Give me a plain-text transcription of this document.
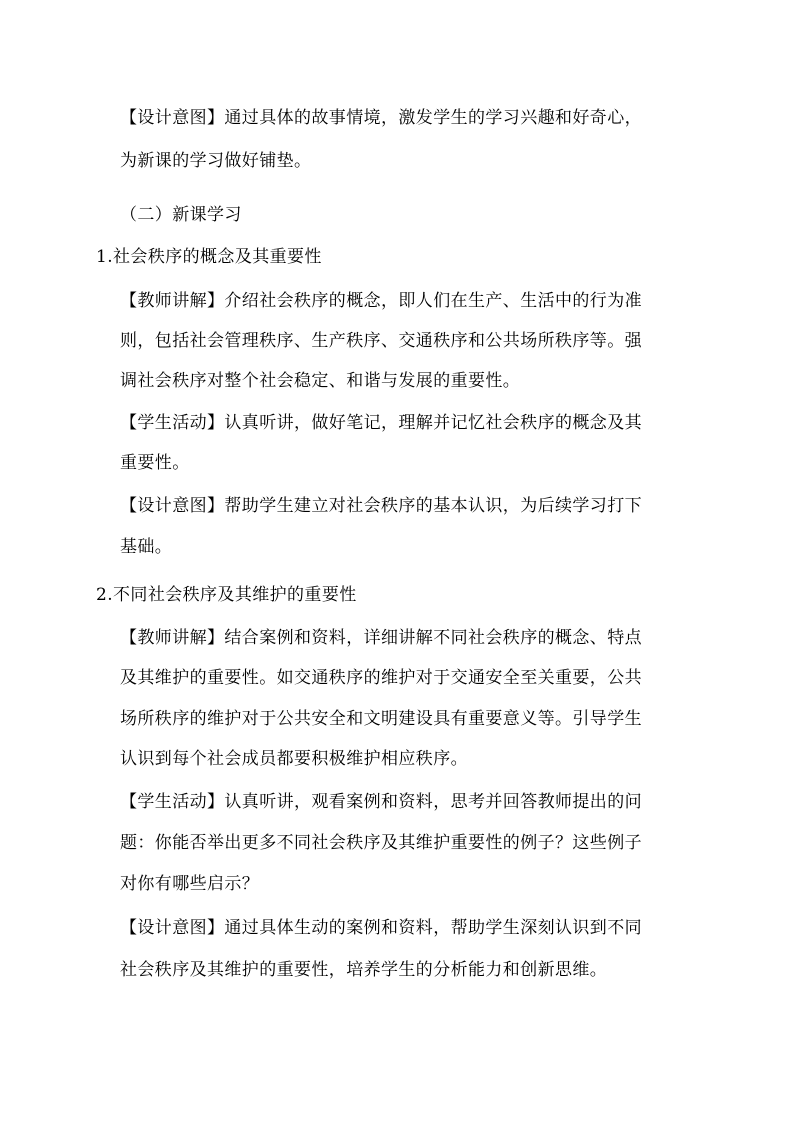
【设计意图】通过具体的故事情境，激发学生的学习兴趣和好奇心，
为新课的学习做好铺垫。
（二）新课学习
1.社会秩序的概念及其重要性
【教师讲解】介绍社会秩序的概念，即人们在生产、生活中的行为准
则，包括社会管理秩序、生产秩序、交通秩序和公共场所秩序等。强
调社会秩序对整个社会稳定、和谐与发展的重要性。
【学生活动】认真听讲，做好笔记，理解并记忆社会秩序的概念及其
重要性。
【设计意图】帮助学生建立对社会秩序的基本认识，为后续学习打下
基础。
2.不同社会秩序及其维护的重要性
【教师讲解】结合案例和资料，详细讲解不同社会秩序的概念、特点
及其维护的重要性。如交通秩序的维护对于交通安全至关重要，公共
场所秩序的维护对于公共安全和文明建设具有重要意义等。引导学生
认识到每个社会成员都要积极维护相应秩序。
【学生活动】认真听讲，观看案例和资料，思考并回答教师提出的问
题：你能否举出更多不同社会秩序及其维护重要性的例子？这些例子
对你有哪些启示？
【设计意图】通过具体生动的案例和资料，帮助学生深刻认识到不同
社会秩序及其维护的重要性，培养学生的分析能力和创新思维。
